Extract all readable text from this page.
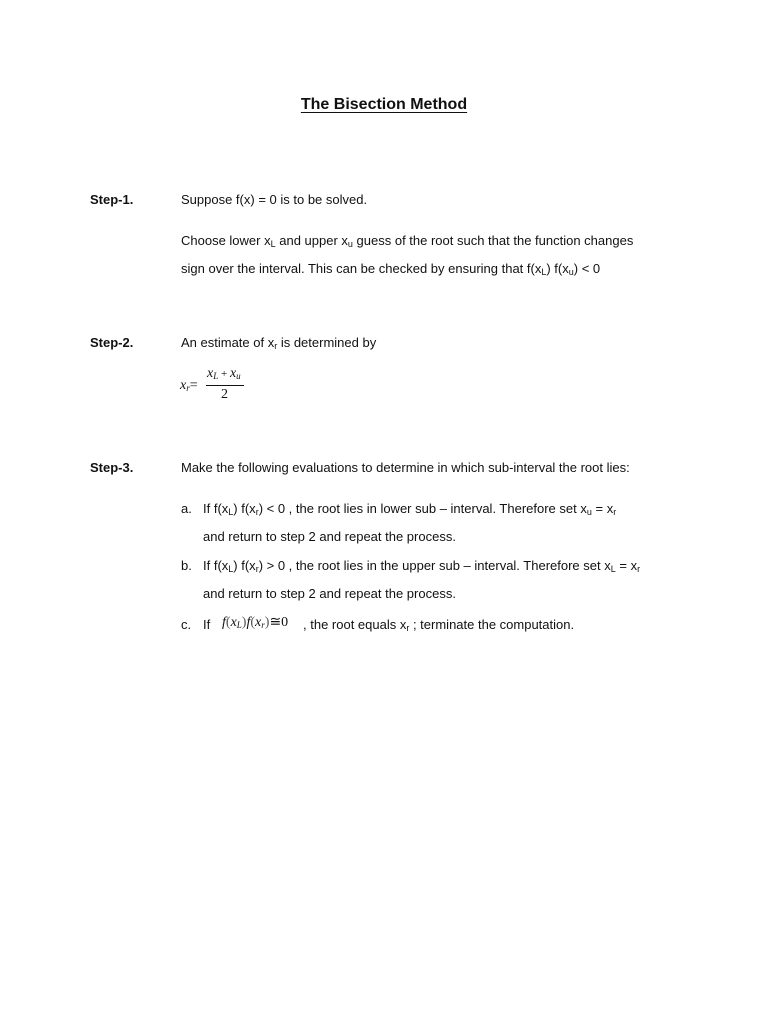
The Bisection Method
Step-1.	Suppose f(x) = 0 is to be solved.
Choose lower $x_L$ and upper $x_u$ guess of the root such that the function changes
sign over the interval. This can be checked by ensuring that $f(x_L) f(x_u) < 0$
Step-2.	An estimate of $x_r$ is determined by
$x_r=$
$x_L + x_u$
2
Step-3.	Make the following evaluations to determine in which sub-interval the root lies:
a. If $f(x_L) f(x_r) < 0$ , the root lies in lower sub – interval. Therefore set $x_u = x_r$
and return to step 2 and repeat the process.
b. If $f(x_L) f(x_r) > 0$ , the root lies in the upper sub – interval. Therefore set $x_L = x_r$
and return to step 2 and repeat the process.
c. If $f(x_L)f(x_r)≅0$ , the root equals $x_r$ ; terminate the computation.
